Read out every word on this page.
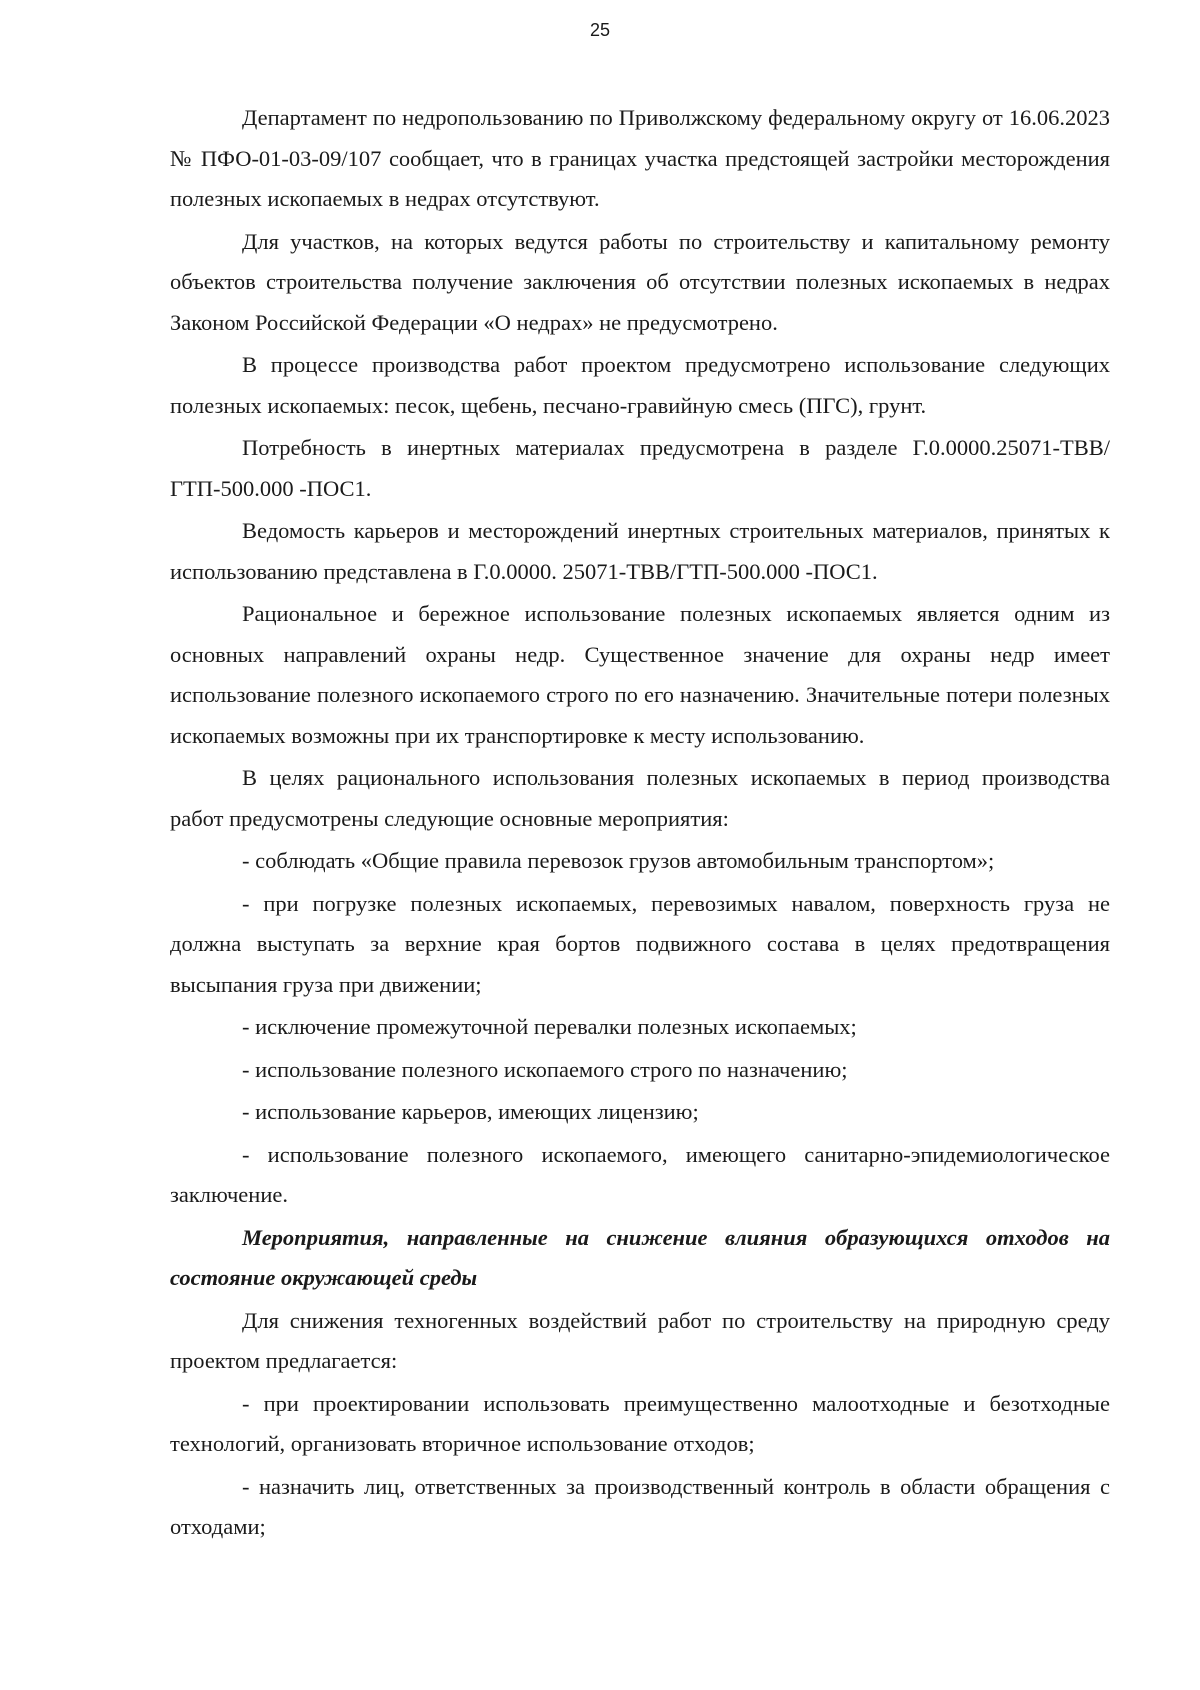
25

Департамент по недропользованию по Приволжскому федеральному округу от 16.06.2023 № ПФО-01-03-09/107 сообщает, что в границах участка предстоящей застройки месторождения полезных ископаемых в недрах отсутствуют.

Для участков, на которых ведутся работы по строительству и капитальному ремонту объектов строительства получение заключения об отсутствии полезных ископаемых в недрах Законом Российской Федерации «О недрах» не предусмотрено.

В процессе производства работ проектом предусмотрено использование следующих полезных ископаемых: песок, щебень, песчано-гравийную смесь (ПГС), грунт.

Потребность в инертных материалах предусмотрена в разделе Г.0.0000.25071-ТВВ/ГТП-500.000 -ПОС1.

Ведомость карьеров и месторождений инертных строительных материалов, принятых к использованию представлена в Г.0.0000. 25071-ТВВ/ГТП-500.000 -ПОС1.

Рациональное и бережное использование полезных ископаемых является одним из основных направлений охраны недр. Существенное значение для охраны недр имеет использование полезного ископаемого строго по его назначению. Значительные потери полезных ископаемых возможны при их транспортировке к месту использованию.

В целях рационального использования полезных ископаемых в период производства работ предусмотрены следующие основные мероприятия:

- соблюдать «Общие правила перевозок грузов автомобильным транспортом»;

- при погрузке полезных ископаемых, перевозимых навалом, поверхность груза не должна выступать за верхние края бортов подвижного состава в целях предотвращения высыпания груза при движении;

- исключение промежуточной перевалки полезных ископаемых;

- использование полезного ископаемого строго по назначению;

- использование карьеров, имеющих лицензию;

- использование полезного ископаемого, имеющего санитарно-эпидемиологическое заключение.

Мероприятия, направленные на снижение влияния образующихся отходов на состояние окружающей среды

Для снижения техногенных воздействий работ по строительству на природную среду проектом предлагается:

- при проектировании использовать преимущественно малоотходные и безотходные технологий, организовать вторичное использование отходов;

- назначить лиц, ответственных за производственный контроль в области обращения с отходами;
